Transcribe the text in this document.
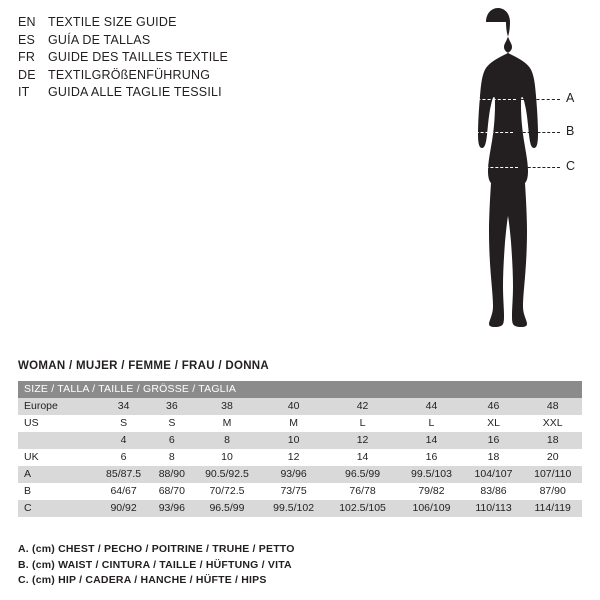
EN TEXTILE SIZE GUIDE
ES	GUÍA DE TALLAS
FR	GUIDE DES TAILLES TEXTILE
DE TEXTILGRÖßENFÜHRUNG
IT	GUIDA ALLE TAGLIE TESSILI	A
B
C
WOMAN / MUJER / FEMME / FRAU / DONNA
SIZE / TALLA / TAILLE / GRÖSSE / TAGLIA								
Europe	34	36	38	40	42	44	46	48
US	S	S	M	M	L	L	XL	XXL
	4	6	8	10	12	14	16	18
UK	6	8	10	12	14	16	18	20
A	85/87.5	88/90	90.5/92.5	93/96	96.5/99	99.5/103	104/107	107/110
B	64/67	68/70	70/72.5	73/75	76/78	79/82	83/86	87/90
C	90/92	93/96	96.5/99	99.5/102	102.5/105	106/109	110/113	114/119
A. (cm) CHEST / PECHO / POITRINE / TRUHE / PETTO
B. (cm) WAIST / CINTURA / TAILLE / HÜFTUNG / VITA
C. (cm) HIP / CADERA / HANCHE / HÜFTE / HIPS
